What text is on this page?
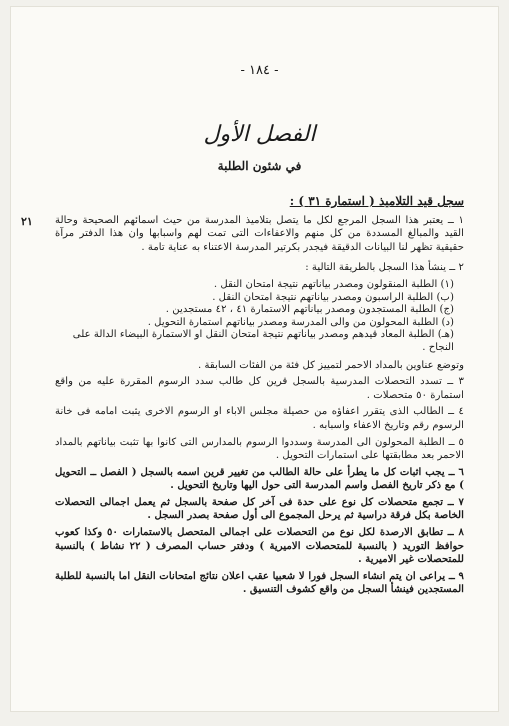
- ١٨٤ -
الفصل الأول
في شئون الطلبة
سجل قيد التلاميذ ( استمارة ٣١ ) :
٢١ ١ ــ يعتبر هذا السجل المرجع لكل ما يتصل بتلاميذ المدرسة من حيث اسمائهم الصحيحة وحالة القيد والمبالغ المسددة من كل منهم والاعفاءات التى تمت لهم واسبابها وان هذا الدفتر مرآة حقيقية تظهر لنا البيانات الدقيقة فيجدر بكرتير المدرسة الاعتناء به عناية تامة .

٢ ــ ينشأ هذا السجل بالطريقة التالية :

(١) الطلبة المنقولون ومصدر بياناتهم نتيجة امتحان النقل .
(ب) الطلبة الراسبون ومصدر بياناتهم نتيجة امتحان النقل .
(ج) الطلبة المستجدون ومصدر بياناتهم الاستمارة ٤١ ، ٤٢ مستجدين .
(د) الطلبة المحولون من والى المدرسة ومصدر بياناتهم استمارة التحويل .
(هـ) الطلبة المعاد قيدهم ومصدر بياناتهم نتيجة امتحان النقل او الاستمارة البيضاء الدالة على النجاح .

وتوضع عناوين بالمداد الاحمر لتمييز كل فئة من الفئات السابقة .

٣ ــ تسدد التحصلات المدرسية بالسجل قرين كل طالب سدد الرسوم المقررة عليه من واقع استمارة ٥٠ متحصلات .

٤ ــ الطالب الذى يتقرر اعفاؤه من حصيلة مجلس الاباء او الرسوم الاخرى يثبت امامه فى خانة الرسوم رقم وتاريخ الاعفاء واسبابه .

٥ ــ الطلبة المحولون الى المدرسة وسددوا الرسوم بالمدارس التى كانوا بها تثبت بياناتهم بالمداد الاحمر بعد مطابقتها على استمارات التحويل .

٦ ــ يجب اثبات كل ما يطرأ على حالة الطالب من تغيير قرين اسمه بالسجل ( الفصل ــ التحويل ) مع ذكر تاريخ الفصل واسم المدرسة التى حول اليها وتاريخ التحويل .

٧ ــ تجمع متحصلات كل نوع على حدة فى آخر كل صفحة بالسجل ثم يعمل اجمالى التحصلات الخاصة بكل فرقة دراسية ثم يرحل المجموع الى أول صفحة بصدر السجل .

٨ ــ تطابق الارصدة لكل نوع من التحصلات على اجمالى المتحصل بالاستمارات ٥٠ وكذا كعوب حوافظ التوريد ( بالنسبة للمتحصلات الاميرية ) ودفتر حساب المصرف ( ٢٢ نشاط ) بالنسبة للمتحصلات غير الاميرية .

٩ ــ يراعى ان يتم انشاء السجل فورا لا شعبيا عقب اعلان نتائج امتحانات النقل اما بالنسبة للطلبة المستجدين فينشأ السجل من واقع كشوف التنسيق .
